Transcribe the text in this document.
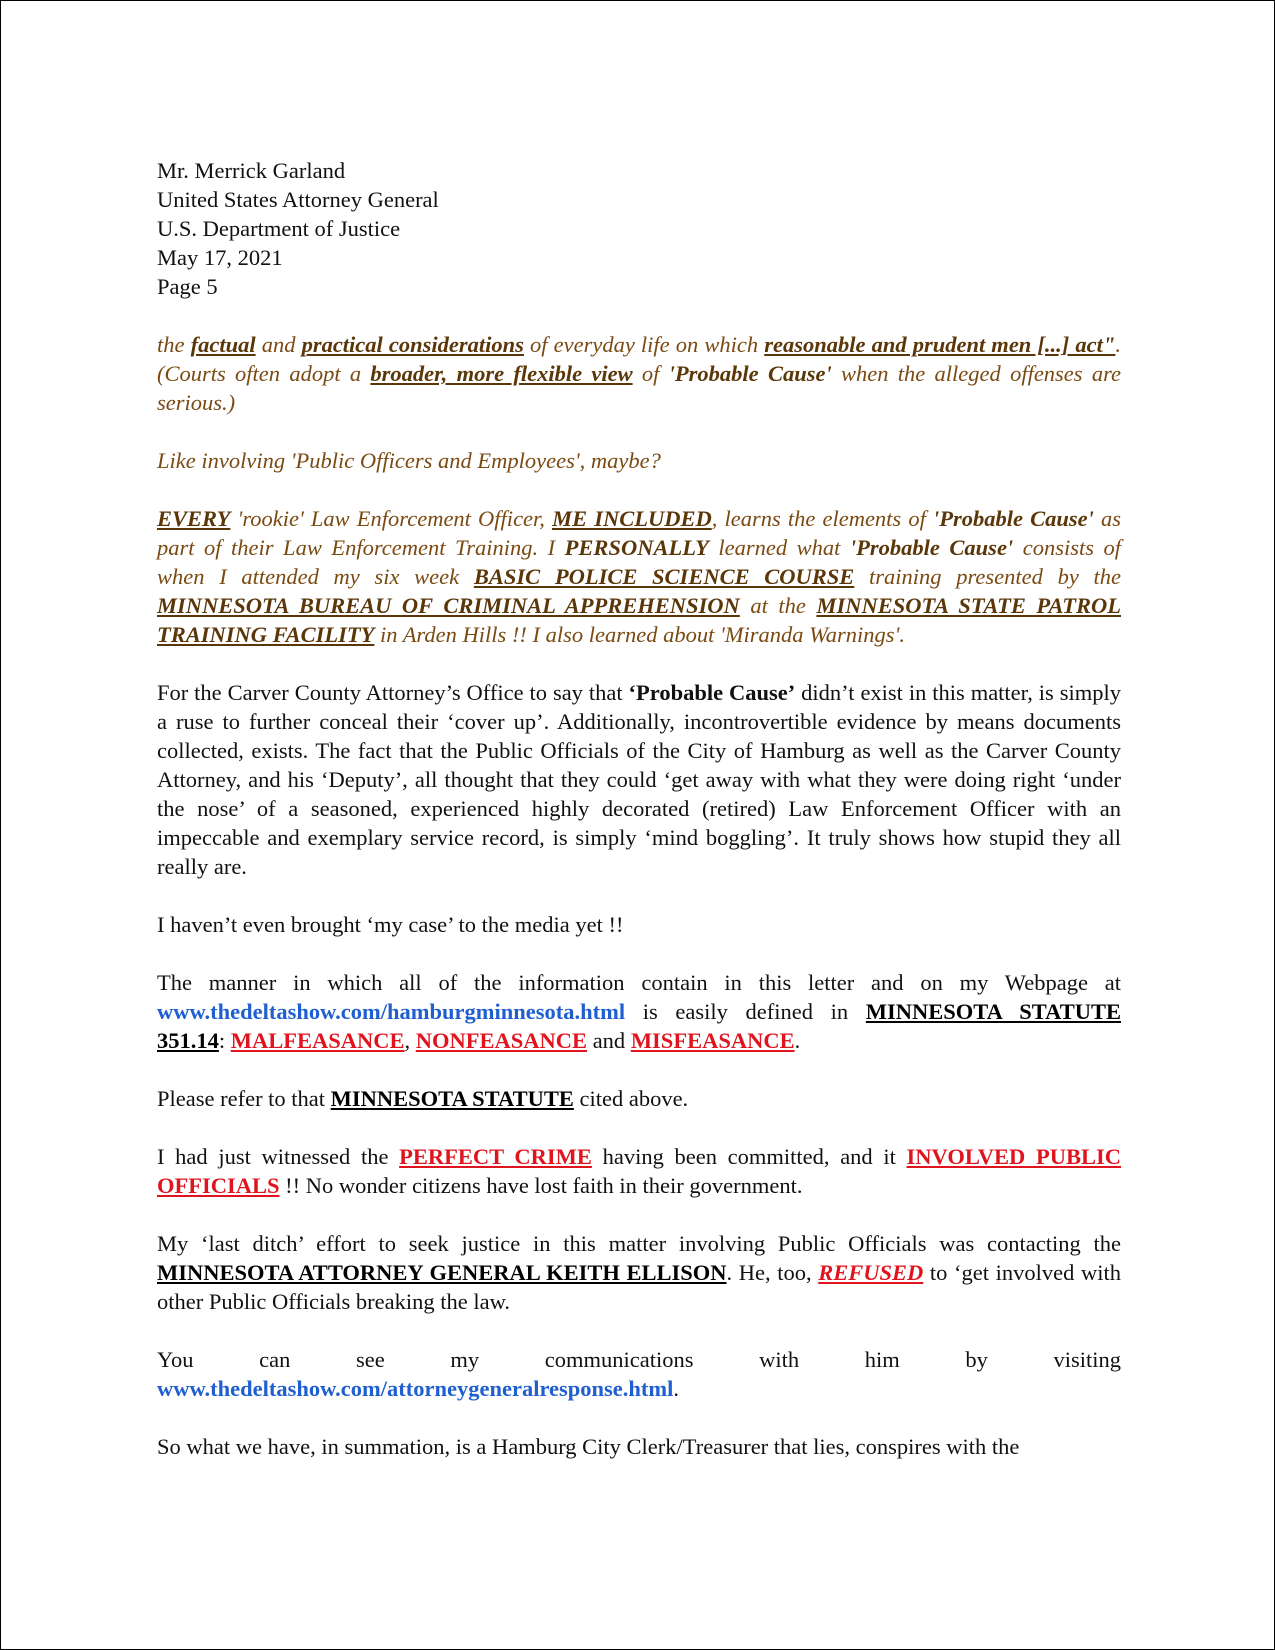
Mr. Merrick Garland
United States Attorney General
U.S. Department of Justice
May 17, 2021
Page 5

the factual and practical considerations of everyday life on which reasonable and prudent men [...] act". (Courts often adopt a broader, more flexible view of 'Probable Cause' when the alleged offenses are serious.)

Like involving 'Public Officers and Employees', maybe?

EVERY 'rookie' Law Enforcement Officer, ME INCLUDED, learns the elements of 'Probable Cause' as part of their Law Enforcement Training. I PERSONALLY learned what 'Probable Cause' consists of when I attended my six week BASIC POLICE SCIENCE COURSE training presented by the MINNESOTA BUREAU OF CRIMINAL APPREHENSION at the MINNESOTA STATE PATROL TRAINING FACILITY in Arden Hills !! I also learned about 'Miranda Warnings'.

For the Carver County Attorney’s Office to say that ‘Probable Cause’ didn’t exist in this matter, is simply a ruse to further conceal their ‘cover up’. Additionally, incontrovertible evidence by means documents collected, exists. The fact that the Public Officials of the City of Hamburg as well as the Carver County Attorney, and his ‘Deputy’, all thought that they could ‘get away with what they were doing right ‘under the nose’ of a seasoned, experienced highly decorated (retired) Law Enforcement Officer with an impeccable and exemplary service record, is simply ‘mind boggling’. It truly shows how stupid they all really are.

I haven’t even brought ‘my case’ to the media yet !!

The manner in which all of the information contain in this letter and on my Webpage at www.thedeltashow.com/hamburgminnesota.html is easily defined in MINNESOTA STATUTE 351.14: MALFEASANCE, NONFEASANCE and MISFEASANCE.

Please refer to that MINNESOTA STATUTE cited above.

I had just witnessed the PERFECT CRIME having been committed, and it INVOLVED PUBLIC OFFICIALS !! No wonder citizens have lost faith in their government.

My ‘last ditch’ effort to seek justice in this matter involving Public Officials was contacting the MINNESOTA ATTORNEY GENERAL KEITH ELLISON. He, too, REFUSED to ‘get involved with other Public Officials breaking the law.

You can see my communications with him by visiting www.thedeltashow.com/attorneygeneralresponse.html.

So what we have, in summation, is a Hamburg City Clerk/Treasurer that lies, conspires with the
